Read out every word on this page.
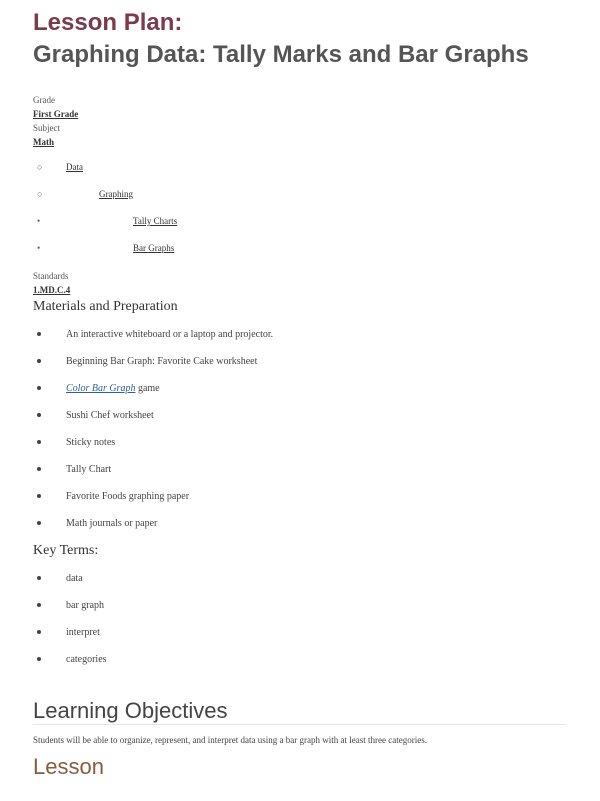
Lesson Plan:
Graphing Data: Tally Marks and Bar Graphs
Grade
First Grade
Subject
Math
○	Data
○	Graphing
•	Tally Charts
•	Bar Graphs
Standards
1.MD.C.4
Materials and Preparation
An interactive whiteboard or a laptop and projector.
Beginning Bar Graph: Favorite Cake worksheet
Color Bar Graph game
Sushi Chef worksheet
Sticky notes
Tally Chart
Favorite Foods graphing paper
Math journals or paper
Key Terms:
data
bar graph
interpret
categories
Learning Objectives
Students will be able to organize, represent, and interpret data using a bar graph with at least three categories.
Lesson
